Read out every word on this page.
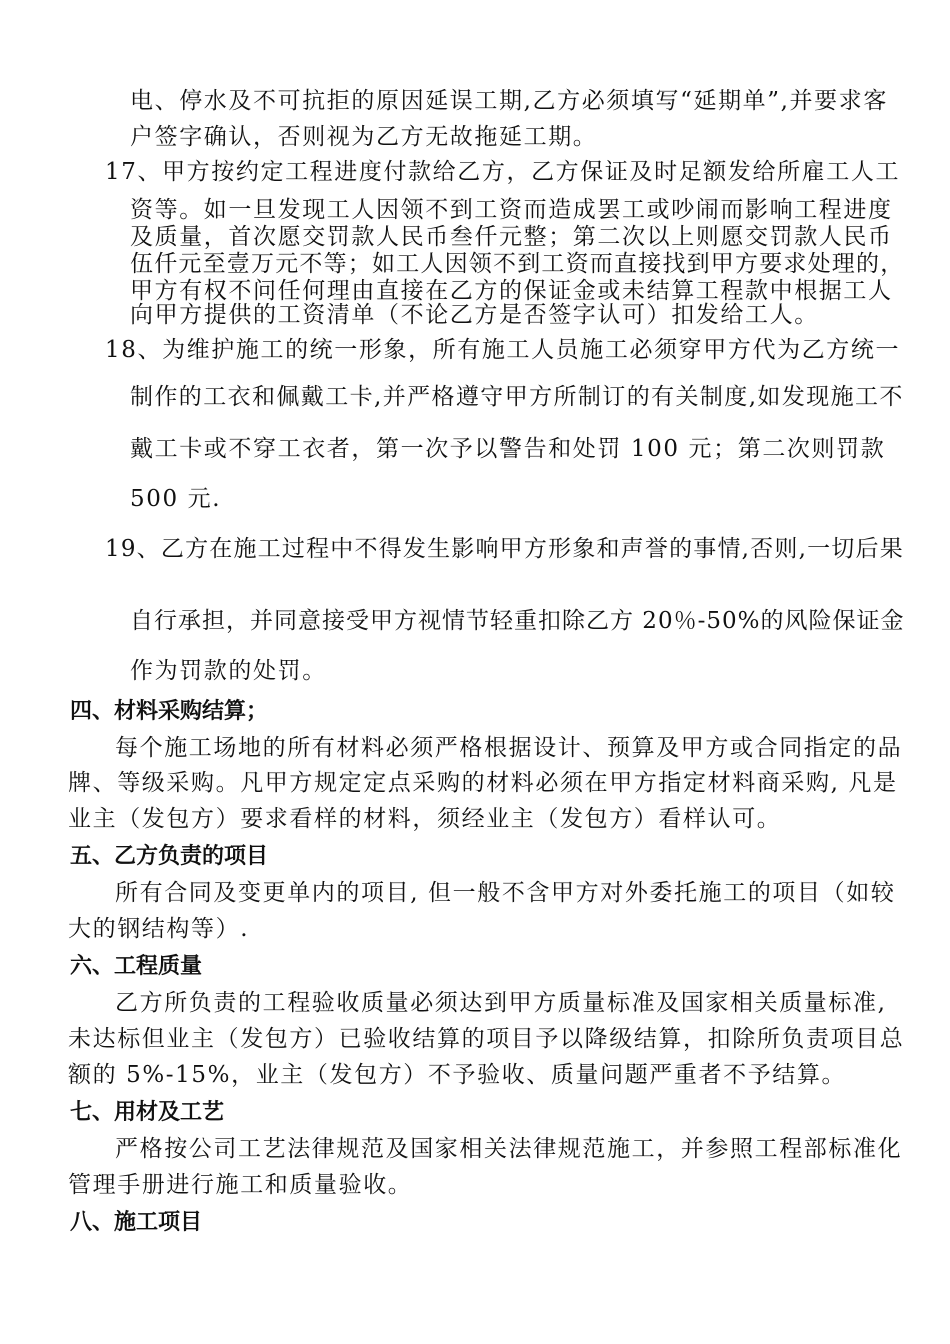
电、停水及不可抗拒的原因延误工期,乙方必须填写“延期单”,并要求客
户签字确认，否则视为乙方无故拖延工期。
17、甲方按约定工程进度付款给乙方，乙方保证及时足额发给所雇工人工
资等。如一旦发现工人因领不到工资而造成罢工或吵闹而影响工程进度
及质量，首次愿交罚款人民币叁仟元整；第二次以上则愿交罚款人民币
伍仟元至壹万元不等；如工人因领不到工资而直接找到甲方要求处理的，
甲方有权不问任何理由直接在乙方的保证金或未结算工程款中根据工人
向甲方提供的工资清单（不论乙方是否签字认可）扣发给工人。
18、为维护施工的统一形象，所有施工人员施工必须穿甲方代为乙方统一
制作的工衣和佩戴工卡,并严格遵守甲方所制订的有关制度,如发现施工不
戴工卡或不穿工衣者，第一次予以警告和处罚 100 元；第二次则罚款
500 元.
19、乙方在施工过程中不得发生影响甲方形象和声誉的事情,否则,一切后果
自行承担，并同意接受甲方视情节轻重扣除乙方 20％-50%的风险保证金
作为罚款的处罚。
四、材料采购结算；
每个施工场地的所有材料必须严格根据设计、预算及甲方或合同指定的品
牌、等级采购。凡甲方规定定点采购的材料必须在甲方指定材料商采购, 凡是
业主（发包方）要求看样的材料，须经业主（发包方）看样认可。
五、乙方负责的项目
所有合同及变更单内的项目, 但一般不含甲方对外委托施工的项目（如较
大的钢结构等）.
六、工程质量
乙方所负责的工程验收质量必须达到甲方质量标准及国家相关质量标准,
未达标但业主（发包方）已验收结算的项目予以降级结算，扣除所负责项目总
额的 5%-15%，业主（发包方）不予验收、质量问题严重者不予结算。
七、用材及工艺
严格按公司工艺法律规范及国家相关法律规范施工，并参照工程部标准化
管理手册进行施工和质量验收。
八、施工项目
